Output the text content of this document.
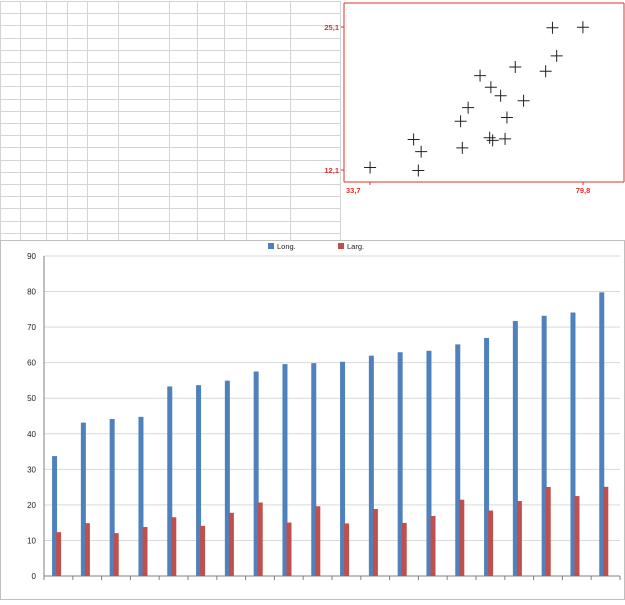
25,1
12,1
33,7	79,8
0
10
20
30
40
50
60
70
80
90
Long.	Larg.
